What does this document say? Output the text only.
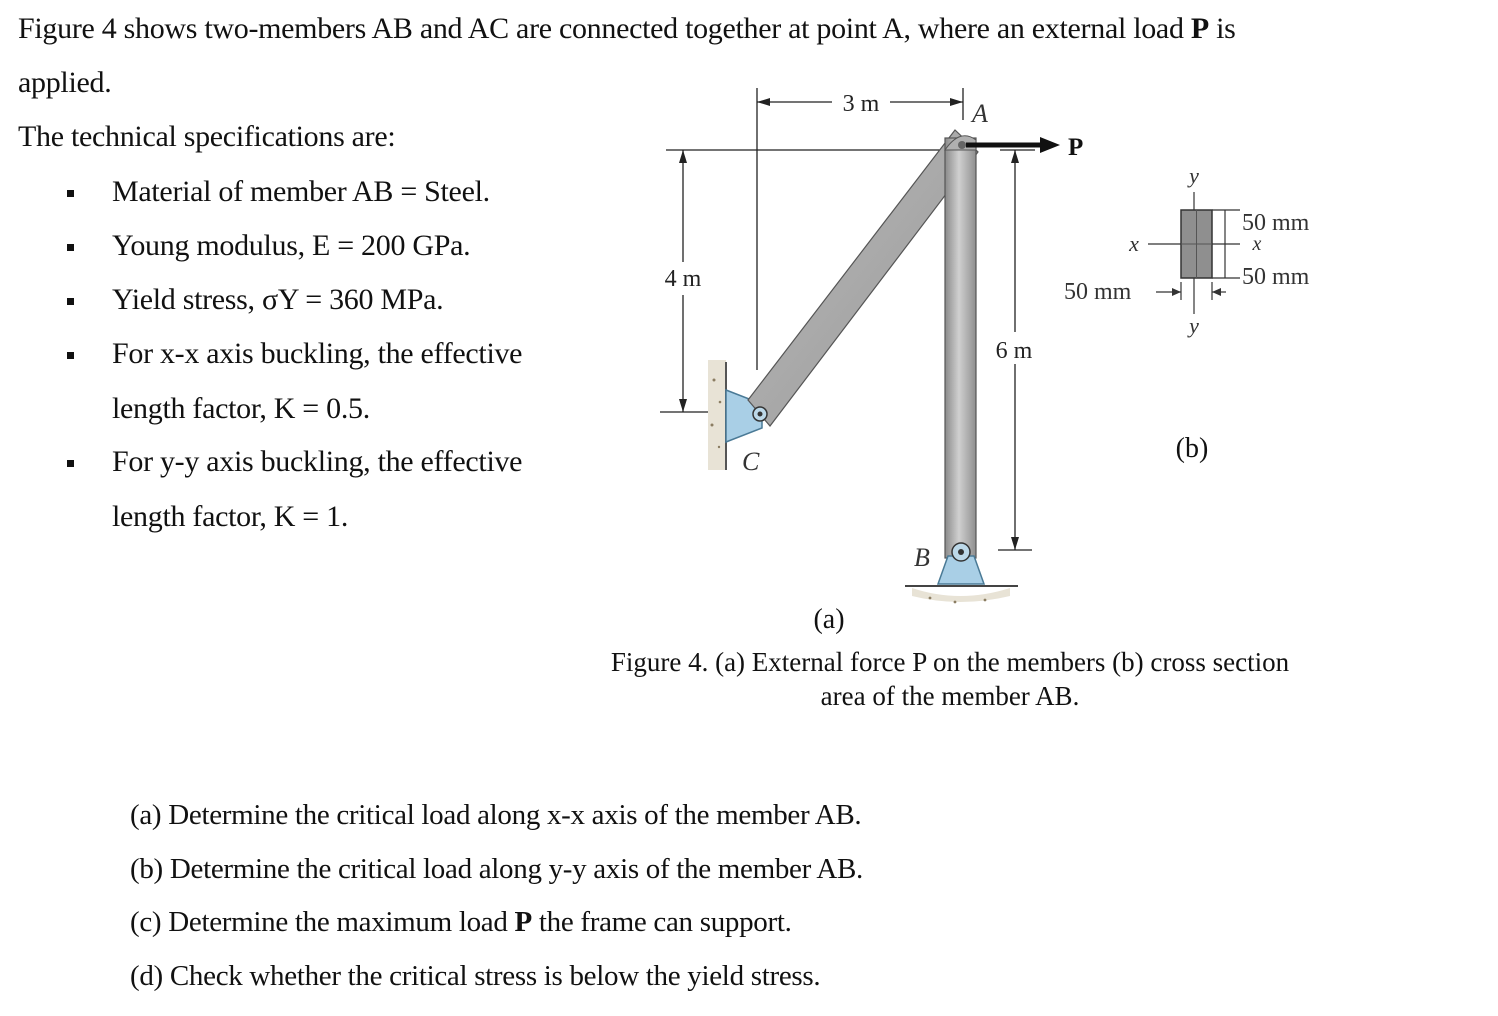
Figure 4 shows two-members AB and AC are connected together at point A, where an external load P is
applied.
The technical specifications are:
Material of member AB = Steel.
Young modulus, E = 200 GPa.
Yield stress, σY = 360 MPa.
For x-x axis buckling, the effective
length factor, K = 0.5.
For y-y axis buckling, the effective
length factor, K = 1.
3 m
4 m
6 m
P
A
C
B
(a)
y
y
x	x
50 mm
50 mm
50 mm
(b)
Figure 4. (a) External force P on the members (b) cross section
area of the member AB.
(a) Determine the critical load along x-x axis of the member AB.
(b) Determine the critical load along y-y axis of the member AB.
(c) Determine the maximum load P the frame can support.
(d) Check whether the critical stress is below the yield stress.
